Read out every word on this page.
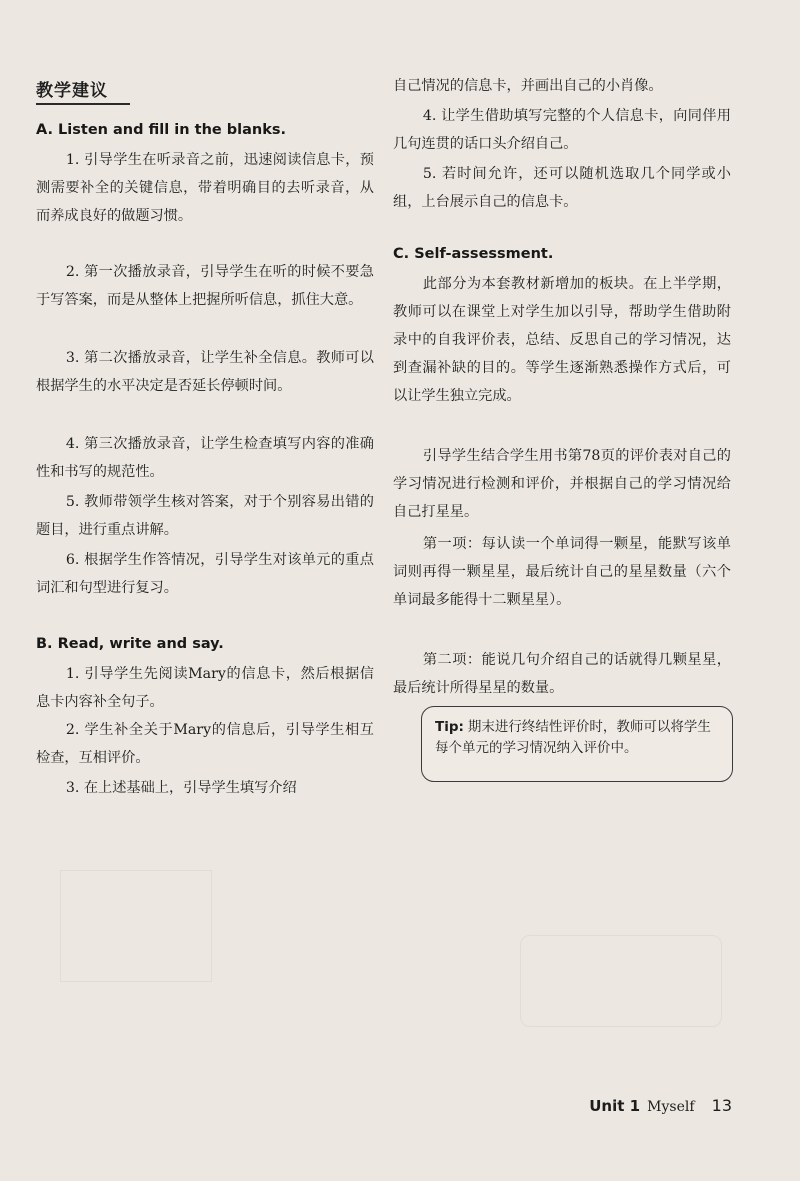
教学建议
A. Listen and fill in the blanks.
1. 引导学生在听录音之前，迅速阅读信息卡，预测需要补全的关键信息，带着明确目的去听录音，从而养成良好的做题习惯。
2. 第一次播放录音，引导学生在听的时候不要急于写答案，而是从整体上把握所听信息，抓住大意。
3. 第二次播放录音，让学生补全信息。教师可以根据学生的水平决定是否延长停顿时间。
4. 第三次播放录音，让学生检查填写内容的准确性和书写的规范性。
5. 教师带领学生核对答案，对于个别容易出错的题目，进行重点讲解。
6. 根据学生作答情况，引导学生对该单元的重点词汇和句型进行复习。
B. Read, write and say.
1. 引导学生先阅读Mary的信息卡，然后根据信息卡内容补全句子。
2. 学生补全关于Mary的信息后，引导学生相互检查，互相评价。
3. 在上述基础上，引导学生填写介绍
自己情况的信息卡，并画出自己的小肖像。
4. 让学生借助填写完整的个人信息卡，向同伴用几句连贯的话口头介绍自己。
5. 若时间允许，还可以随机选取几个同学或小组，上台展示自己的信息卡。
C. Self-assessment.
此部分为本套教材新增加的板块。在上半学期，教师可以在课堂上对学生加以引导，帮助学生借助附录中的自我评价表，总结、反思自己的学习情况，达到查漏补缺的目的。等学生逐渐熟悉操作方式后，可以让学生独立完成。
引导学生结合学生用书第78页的评价表对自己的学习情况进行检测和评价，并根据自己的学习情况给自己打星星。
第一项：每认读一个单词得一颗星，能默写该单词则再得一颗星星，最后统计自己的星星数量（六个单词最多能得十二颗星星）。
第二项：能说几句介绍自己的话就得几颗星星，最后统计所得星星的数量。
Tip: 期末进行终结性评价时，教师可以将学生每个单元的学习情况纳入评价中。
Unit 1 Myself 13
